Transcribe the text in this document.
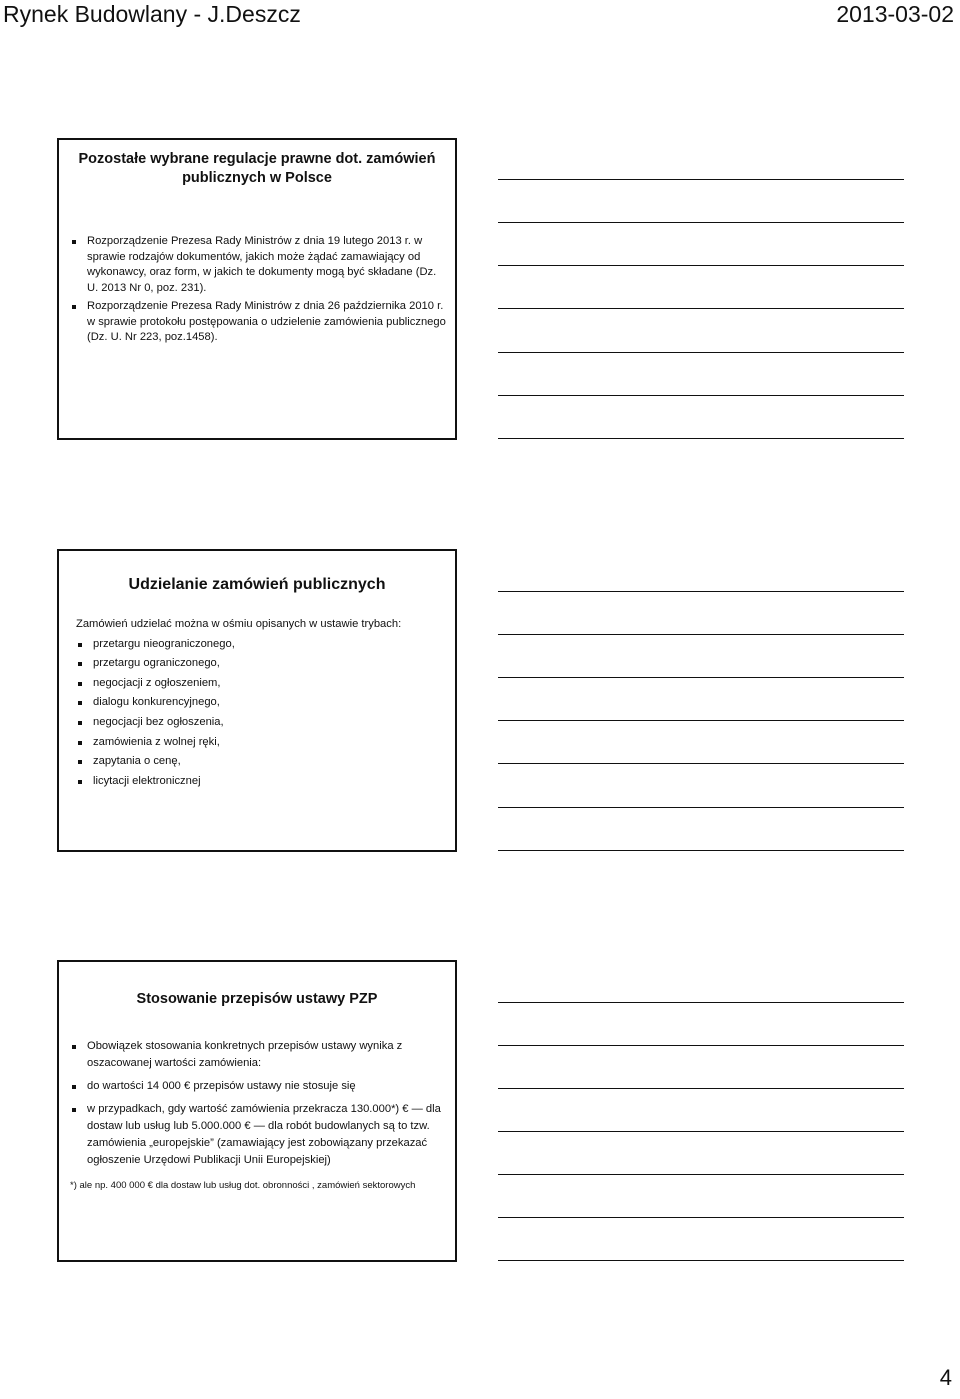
Rynek Budowlany - J.Deszcz	2013-03-02
Pozostałe wybrane regulacje prawne dot. zamówień
publicznych w Polsce

Rozporządzenie Prezesa Rady Ministrów z dnia 19 lutego 2013 r. w sprawie rodzajów dokumentów, jakich może żądać zamawiający od wykonawcy, oraz form, w jakich te dokumenty mogą być składane (Dz. U. 2013 Nr 0, poz. 231).

Rozporządzenie Prezesa Rady Ministrów z dnia 26 października 2010 r. w sprawie protokołu postępowania o udzielenie zamówienia publicznego (Dz. U. Nr 223, poz.1458).

Udzielanie zamówień publicznych

Zamówień udzielać można w ośmiu opisanych w ustawie trybach:

przetargu nieograniczonego,

przetargu ograniczonego,

negocjacji z ogłoszeniem,

dialogu konkurencyjnego,

negocjacji bez ogłoszenia,

zamówienia z wolnej ręki,

zapytania o cenę,

licytacji elektronicznej

Stosowanie przepisów ustawy PZP

Obowiązek stosowania konkretnych przepisów ustawy wynika z oszacowanej wartości zamówienia:

do wartości 14 000 € przepisów ustawy nie stosuje się

w przypadkach, gdy wartość zamówienia przekracza 130.000*) € — dla dostaw lub usług lub 5.000.000 € — dla robót budowlanych są to tzw. zamówienia „europejskie” (zamawiający jest zobowiązany przekazać ogłoszenie Urzędowi Publikacji Unii Europejskiej)

*) ale np. 400 000 € dla dostaw lub usług dot. obronności , zamówień sektorowych
4
